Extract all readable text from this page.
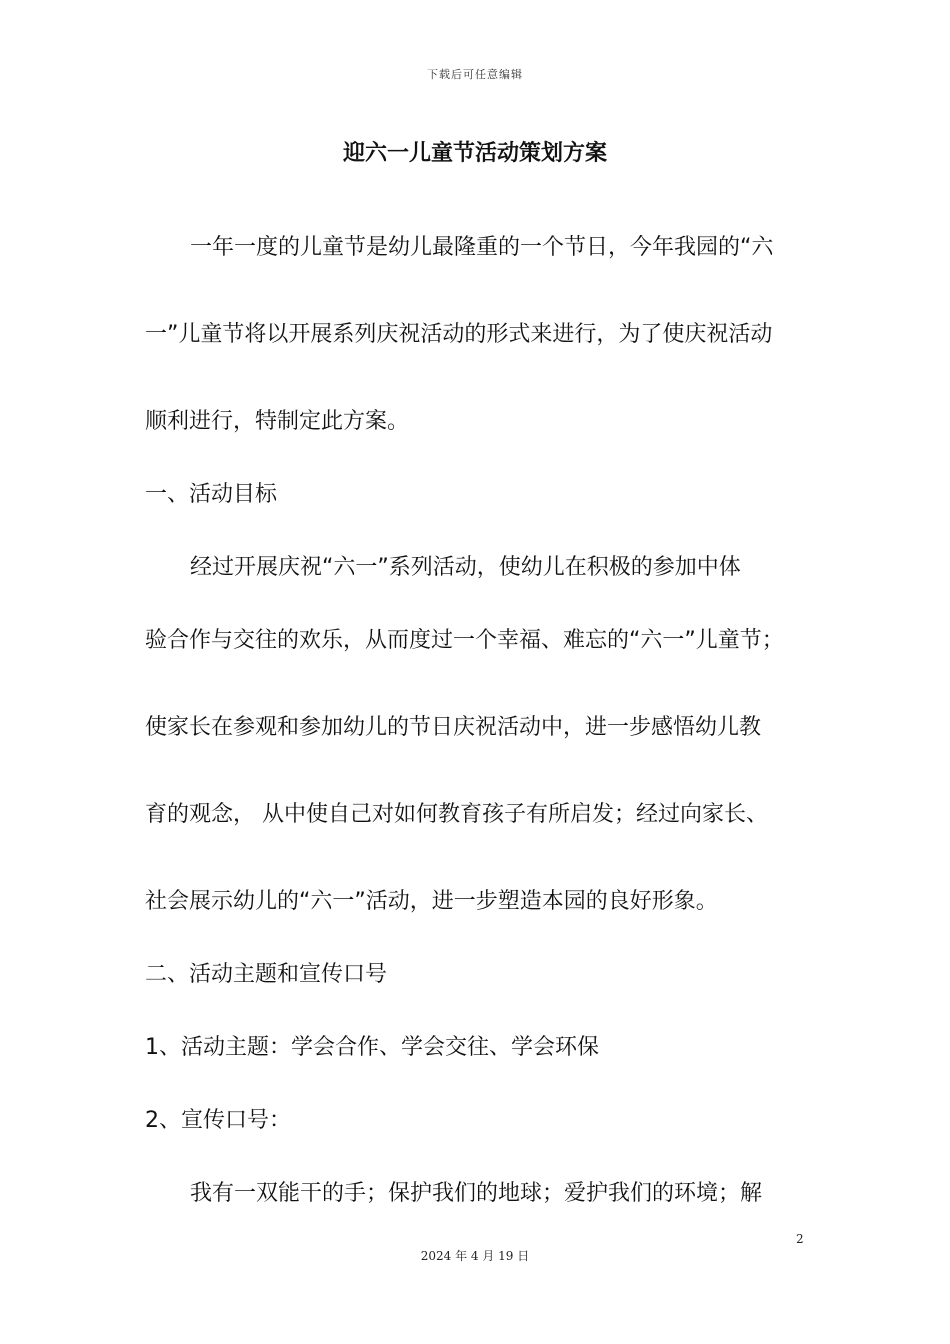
下载后可任意编辑
迎六一儿童节活动策划方案
一年一度的儿童节是幼儿最隆重的一个节日，今年我园的“六
一”儿童节将以开展系列庆祝活动的形式来进行，为了使庆祝活动
顺利进行，特制定此方案。
一、活动目标
经过开展庆祝“六一”系列活动，使幼儿在积极的参加中体
验合作与交往的欢乐，从而度过一个幸福、难忘的“六一”儿童节；
使家长在参观和参加幼儿的节日庆祝活动中，进一步感悟幼儿教
育的观念， 从中使自己对如何教育孩子有所启发；经过向家长、
社会展示幼儿的“六一”活动，进一步塑造本园的良好形象。
二、活动主题和宣传口号
1、活动主题：学会合作、学会交往、学会环保
2、宣传口号：
我有一双能干的手；保护我们的地球；爱护我们的环境；解
2
2024 年 4 月 19 日
